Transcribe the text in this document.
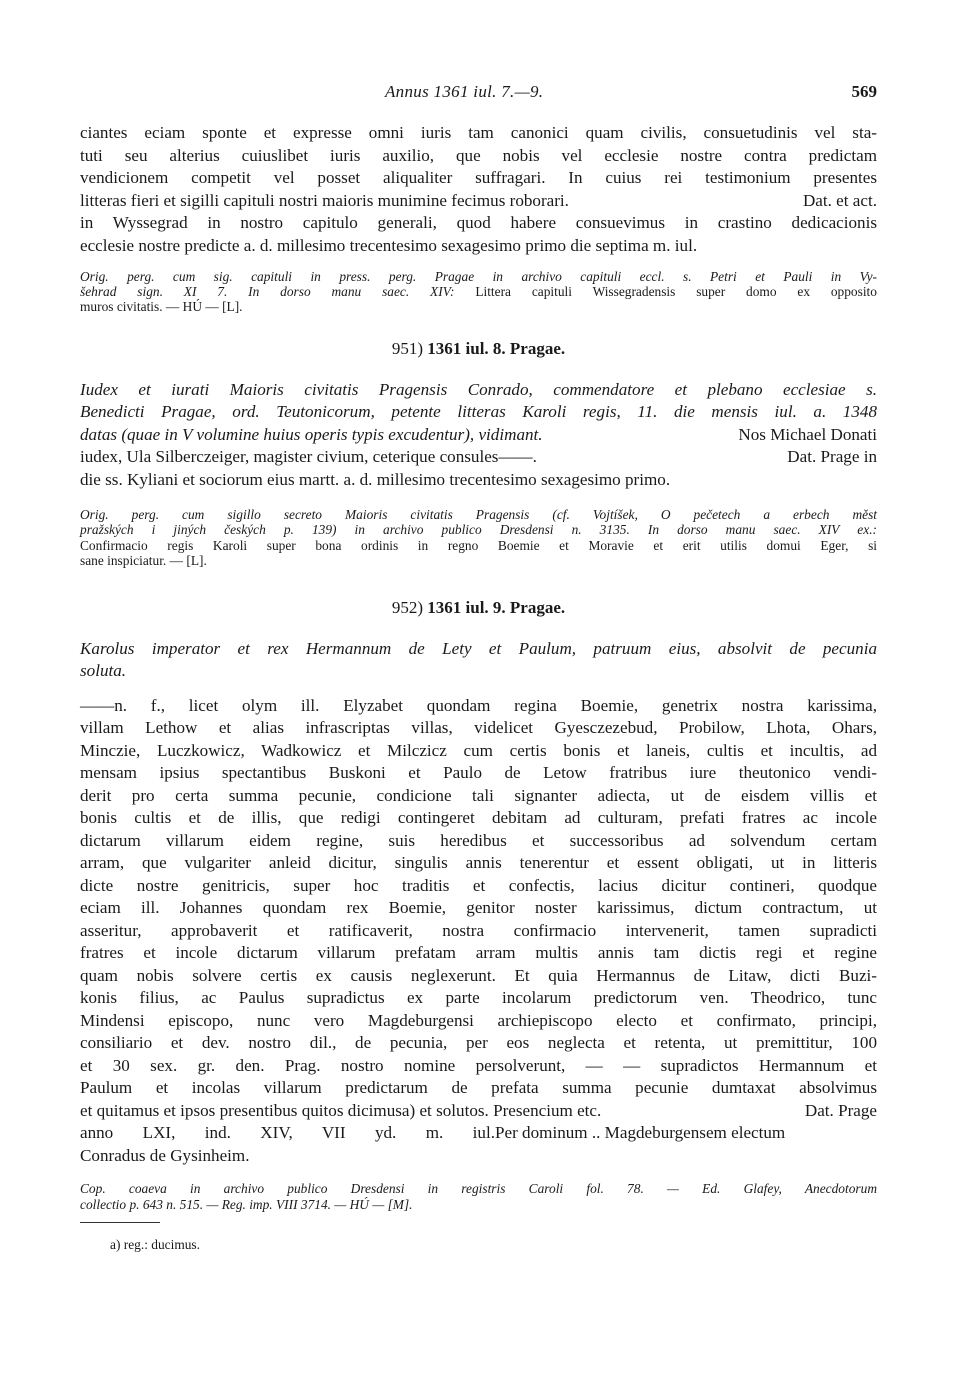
Annus 1361 iul. 7.—9.	569
ciantes eciam sponte et expresse omni iuris tam canonici quam civilis, consuetudinis vel sta-
tuti seu alterius cuiuslibet iuris auxilio, que nobis vel ecclesie nostre contra predictam
vendicionem competit vel posset aliqualiter suffragari. In cuius rei testimonium presentes
litteras fieri et sigilli capituli nostri maioris munimine fecimus roborari.	Dat. et act.
in Wyssegrad in nostro capitulo generali, quod habere consuevimus in crastino dedicacionis
ecclesie nostre predicte a. d. millesimo trecentesimo sexagesimo primo die septima m. iul.
Orig. perg. cum sig. capituli in press. perg. Pragae in archivo capituli eccl. s. Petri et Pauli in Vy-
šehrad sign. XI 7. In dorso manu saec. XIV: Littera capituli Wissegradensis super domo ex opposito
muros civitatis. — HÚ — [L].
951) 1361 iul. 8. Pragae.
Iudex et iurati Maioris civitatis Pragensis Conrado, commendatore et plebano ecclesiae s.
Benedicti Pragae, ord. Teutonicorum, petente litteras Karoli regis, 11. die mensis iul. a. 1348
datas (quae in V volumine huius operis typis excudentur), vidimant.	Nos Michael Donati
iudex, Ula Silberczeiger, magister civium, ceterique consules——.	Dat. Prage in
die ss. Kyliani et sociorum eius martt. a. d. millesimo trecentesimo sexagesimo primo.
Orig. perg. cum sigillo secreto Maioris civitatis Pragensis (cf. Vojtíšek, O pečetech a erbech měst
pražských i jiných českých p. 139) in archivo publico Dresdensi n. 3135. In dorso manu saec. XIV ex.:
Confirmacio regis Karoli super bona ordinis in regno Boemie et Moravie et erit utilis domui Eger, si
sane inspiciatur. — [L].
952) 1361 iul. 9. Pragae.
Karolus imperator et rex Hermannum de Lety et Paulum, patruum eius, absolvit de pecunia
soluta.
——n. f., licet olym ill. Elyzabet quondam regina Boemie, genetrix nostra karissima,
villam Lethow et alias infrascriptas villas, videlicet Gyesczezebud, Probilow, Lhota, Ohars,
Minczie, Luczkowicz, Wadkowicz et Milczicz cum certis bonis et laneis, cultis et incultis, ad
mensam ipsius spectantibus Buskoni et Paulo de Letow fratribus iure theutonico vendi-
derit pro certa summa pecunie, condicione tali signanter adiecta, ut de eisdem villis et
bonis cultis et de illis, que redigi contingeret debitam ad culturam, prefati fratres ac incole
dictarum villarum eidem regine, suis heredibus et successoribus ad solvendum certam
arram, que vulgariter anleid dicitur, singulis annis tenerentur et essent obligati, ut in litteris
dicte nostre genitricis, super hoc traditis et confectis, lacius dicitur contineri, quodque
eciam ill. Johannes quondam rex Boemie, genitor noster karissimus, dictum contractum, ut
asseritur, approbaverit et ratificaverit, nostra confirmacio intervenerit, tamen supradicti
fratres et incole dictarum villarum prefatam arram multis annis tam dictis regi et regine
quam nobis solvere certis ex causis neglexerunt. Et quia Hermannus de Litaw, dicti Buzi-
konis filius, ac Paulus supradictus ex parte incolarum predictorum ven. Theodrico, tunc
Mindensi episcopo, nunc vero Magdeburgensi archiepiscopo electo et confirmato, principi,
consiliario et dev. nostro dil., de pecunia, per eos neglecta et retenta, ut premittitur, 100
et 30 sex. gr. den. Prag. nostro nomine persolverunt, — — supradictos Hermannum et
Paulum et incolas villarum predictarum de prefata summa pecunie dumtaxat absolvimus
et quitamus et ipsos presentibus quitos dicimusa) et solutos. Presencium etc.	Dat. Prage
anno LXI, ind. XIV, VII yd. m. iul. Per dominum .. Magdeburgensem electum
Conradus de Gysinheim.
Cop. coaeva in archivo publico Dresdensi in registris Caroli fol. 78. — Ed. Glafey, Anecdotorum
collectio p. 643 n. 515. — Reg. imp. VIII 3714. — HÚ — [M].
a) reg.: ducimus.
